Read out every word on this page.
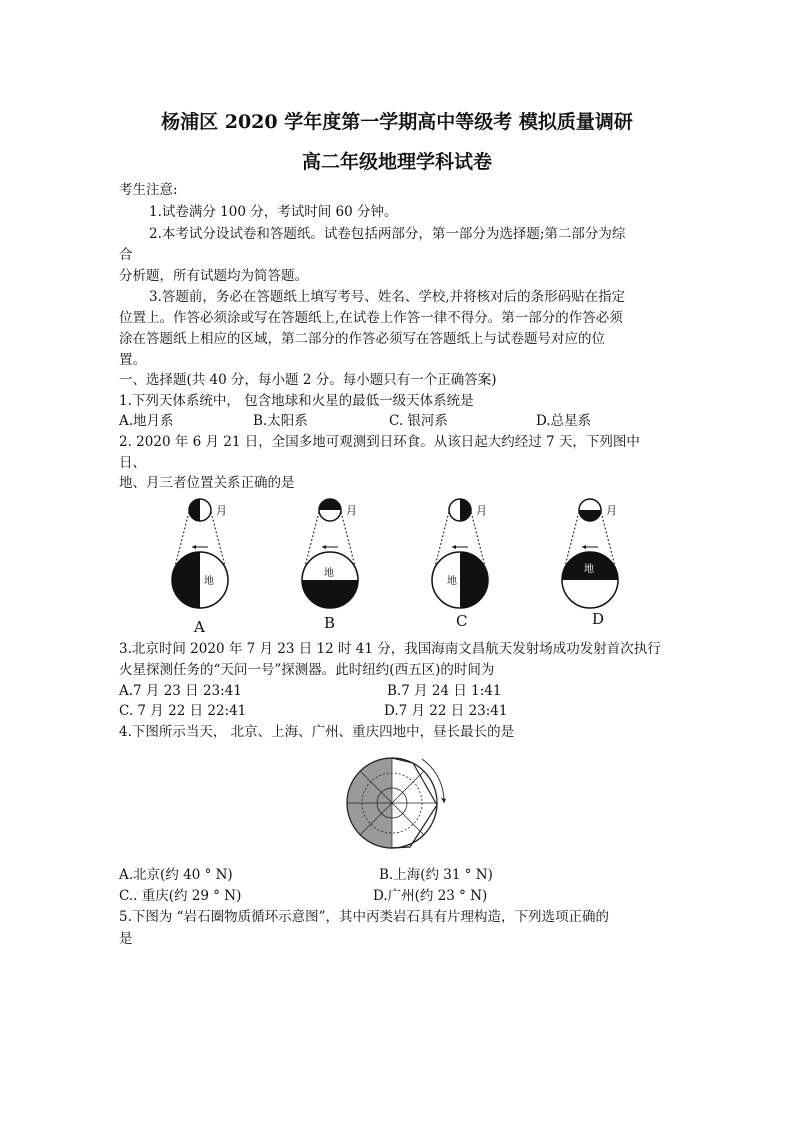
杨浦区 2020 学年度第一学期高中等级考 模拟质量调研
高二年级地理学科试卷
考生注意:
1.试卷满分 100 分，考试时间 60 分钟。
2.本考试分设试卷和答题纸。试卷包括两部分，第一部分为选择题;第二部分为综
合
分析题，所有试题均为简答题。
3.答题前，务必在答题纸上填写考号、姓名、学校,并将核对后的条形码贴在指定
位置上。作答必须涂或写在答题纸上,在试卷上作答一律不得分。第一部分的作答必须
涂在答题纸上相应的区域，第二部分的作答必须写在答题纸上与试卷题号对应的位
置。
一、选择题(共 40 分，每小题 2 分。每小题只有一个正确答案)
1.下列天体系统中， 包含地球和火星的最低一级天体系统是
A.地月系	B.太阳系	C. 银河系	D.总星系
2. 2020 年 6 月 21 日，全国多地可观测到日环食。从该日起大约经过 7 天，下列图中
日、
地、月三者位置关系正确的是
月	月	月	月
地
地
地
地
A	B	C	D
3.北京时间 2020 年 7 月 23 日 12 时 41 分，我国海南文昌航天发射场成功发射首次执行
火星探测任务的“天问一号”探测器。此时纽约(西五区)的时间为
A.7 月 23 日 23:41	B.7 月 24 日 1:41
C. 7 月 22 日 22:41	D.7 月 22 日 23:41
4.下图所示当天， 北京、上海、广州、重庆四地中，昼长最长的是
A.北京(约 40 ° N)	B.上海(约 31 ° N)
C.. 重庆(约 29 ° N)	D.广州(约 23 ° N)
5.下图为 “岩石圈物质循环示意图”，其中丙类岩石具有片理构造，下列选项正确的
是
